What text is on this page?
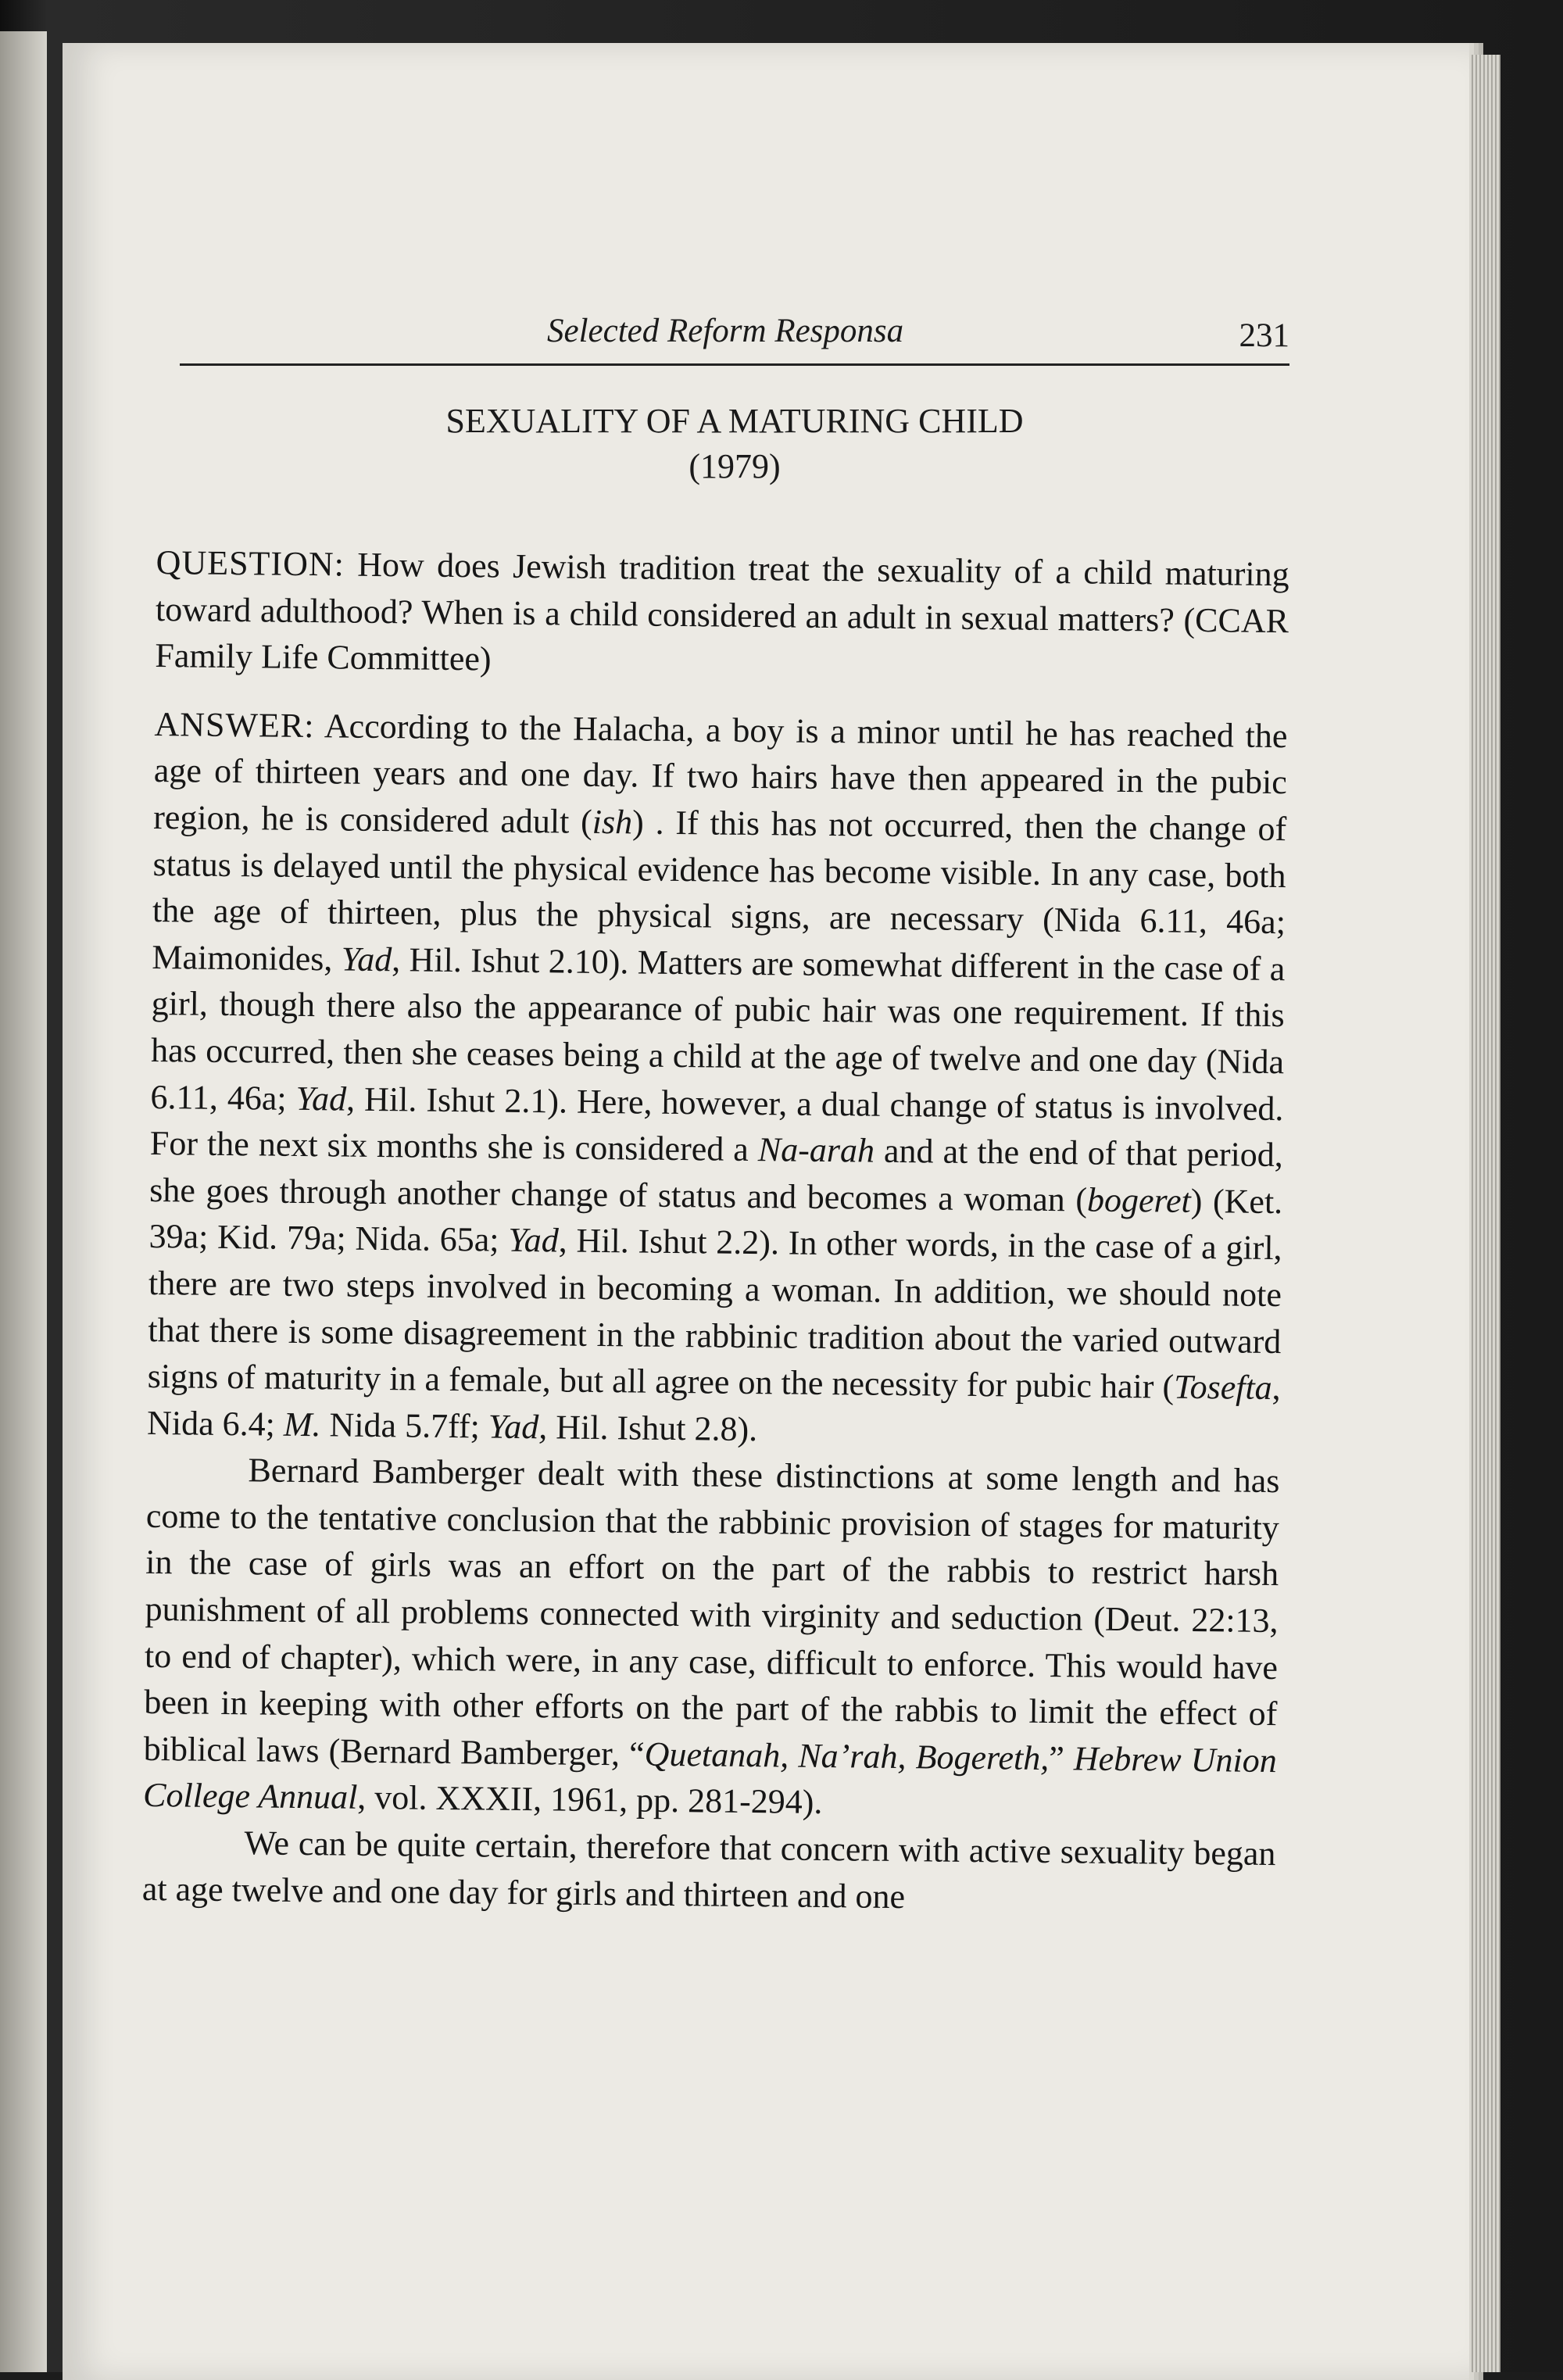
Selected Reform Responsa	231
SEXUALITY OF A MATURING CHILD
(1979)

QUESTION: How does Jewish tradition treat the sexuality of a child maturing toward adulthood? When is a child considered an adult in sexual matters? (CCAR Family Life Committee)

ANSWER: According to the Halacha, a boy is a minor until he has reached the age of thirteen years and one day. If two hairs have then appeared in the pubic region, he is considered adult (ish) . If this has not occurred, then the change of status is delayed until the physical evidence has become visible. In any case, both the age of thirteen, plus the physical signs, are necessary (Nida 6.11, 46a; Maimonides, Yad, Hil. Ishut 2.10). Matters are somewhat different in the case of a girl, though there also the appearance of pubic hair was one requirement. If this has occurred, then she ceases being a child at the age of twelve and one day (Nida 6.11, 46a; Yad, Hil. Ishut 2.1). Here, however, a dual change of status is involved. For the next six months she is considered a Na-arah and at the end of that period, she goes through another change of status and becomes a woman (bogeret) (Ket. 39a; Kid. 79a; Nida. 65a; Yad, Hil. Ishut 2.2). In other words, in the case of a girl, there are two steps involved in becoming a woman. In addition, we should note that there is some disagreement in the rabbinic tradition about the varied outward signs of maturity in a female, but all agree on the necessity for pubic hair (Tosefta, Nida 6.4; M. Nida 5.7ff; Yad, Hil. Ishut 2.8).

Bernard Bamberger dealt with these distinctions at some length and has come to the tentative conclusion that the rabbinic provision of stages for maturity in the case of girls was an effort on the part of the rabbis to restrict harsh punishment of all problems connected with virginity and seduction (Deut. 22:13, to end of chapter), which were, in any case, difficult to enforce. This would have been in keeping with other efforts on the part of the rabbis to limit the effect of biblical laws (Bernard Bamberger, “Quetanah, Na’rah, Bogereth,” Hebrew Union College Annual, vol. XXXII, 1961, pp. 281-294).

We can be quite certain, therefore that concern with active sexuality began at age twelve and one day for girls and thirteen and one
